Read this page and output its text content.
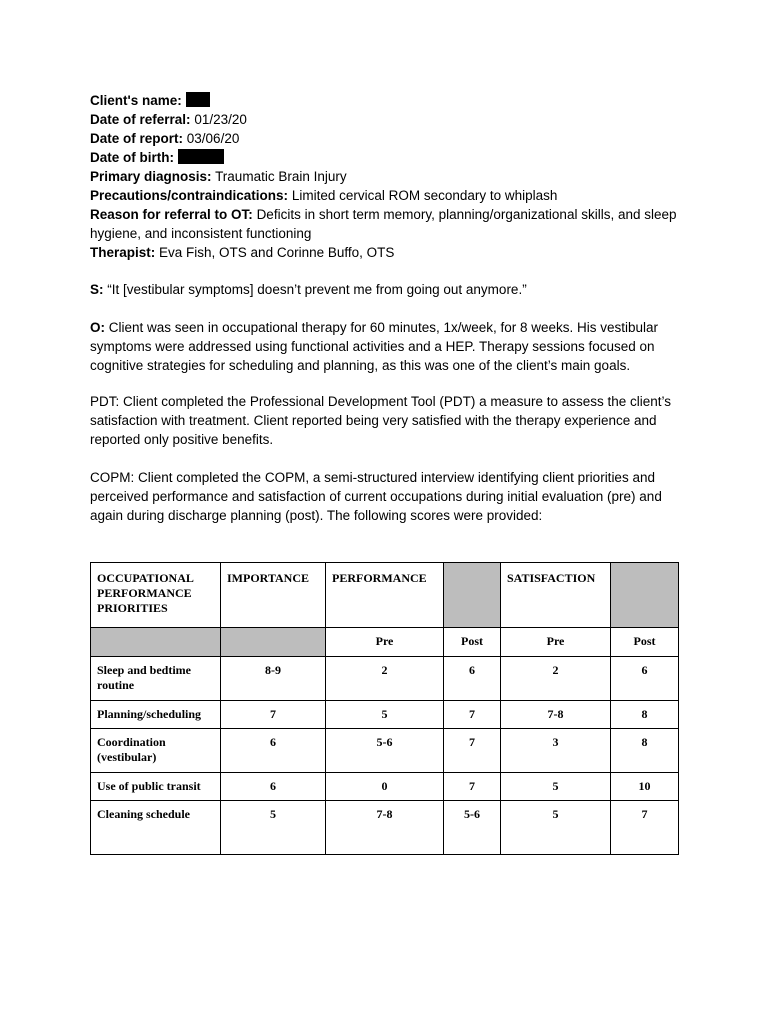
Client's name:

Date of referral: 01/23/20

Date of report: 03/06/20

Date of birth:

Primary diagnosis: Traumatic Brain Injury

Precautions/contraindications: Limited cervical ROM secondary to whiplash

Reason for referral to OT: Deficits in short term memory, planning/organizational skills, and sleep hygiene, and inconsistent functioning

Therapist: Eva Fish, OTS and Corinne Buffo, OTS

S: “It [vestibular symptoms] doesn’t prevent me from going out anymore.”

O: Client was seen in occupational therapy for 60 minutes, 1x/week, for 8 weeks. His vestibular symptoms were addressed using functional activities and a HEP. Therapy sessions focused on cognitive strategies for scheduling and planning, as this was one of the client’s main goals.

PDT: Client completed the Professional Development Tool (PDT) a measure to assess the client’s satisfaction with treatment. Client reported being very satisfied with the therapy experience and reported only positive benefits.

COPM: Client completed the COPM, a semi-structured interview identifying client priorities and perceived performance and satisfaction of current occupations during initial evaluation (pre) and again during discharge planning (post). The following scores were provided:

OCCUPATIONAL PERFORMANCE PRIORITIES	IMPORTANCE	PERFORMANCE		SATISFACTION	
		Pre	Post	Pre	Post
Sleep and bedtime routine	8-9	2	6	2	6
Planning/scheduling	7	5	7	7-8	8
Coordination (vestibular)	6	5-6	7	3	8
Use of public transit	6	0	7	5	10
Cleaning schedule	5	7-8	5-6	5	7
